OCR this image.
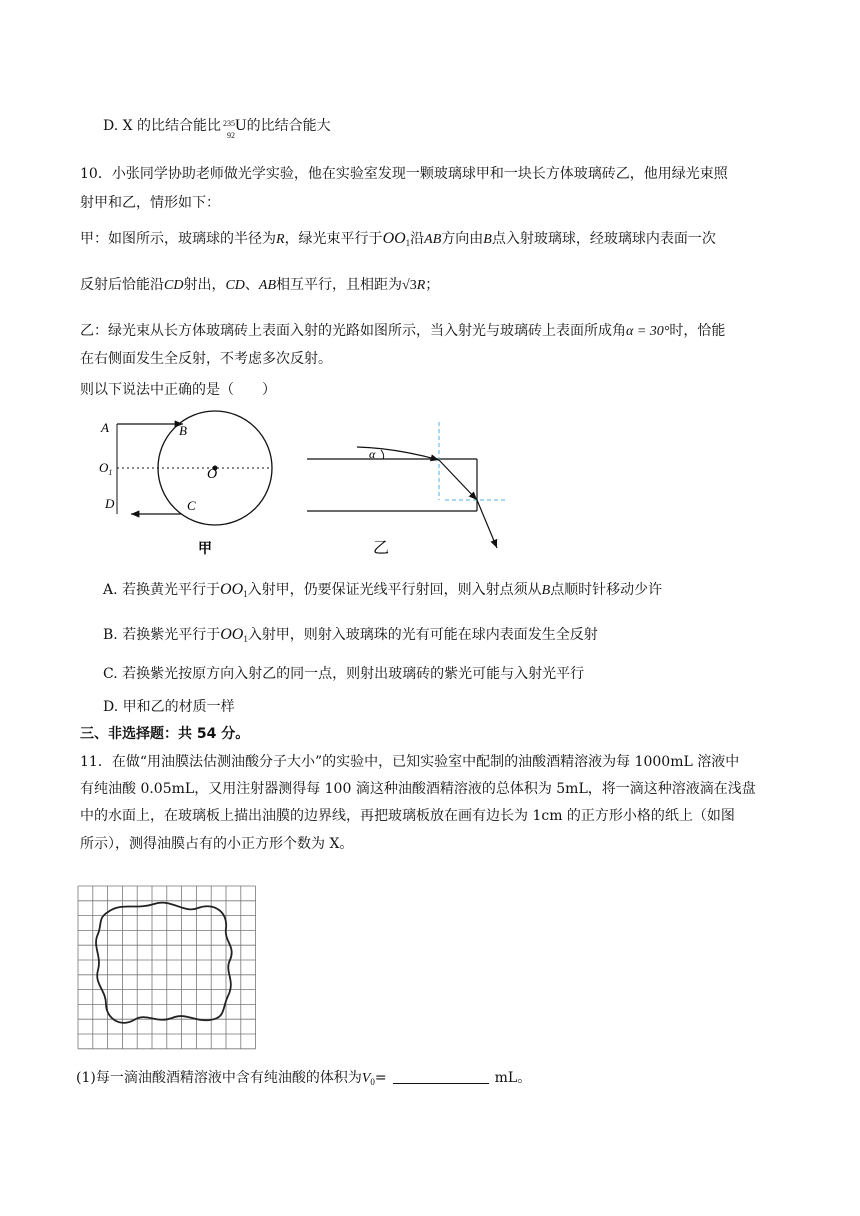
D. X 的比结合能比 235
92
U的比结合能大
10．小张同学协助老师做光学实验，他在实验室发现一颗玻璃球甲和一块长方体玻璃砖乙，他用绿光束照
射甲和乙，情形如下：
甲：如图所示，玻璃球的半径为R，绿光束平行于$OO_1$沿AB方向由B点入射玻璃球，经玻璃球内表面一次
反射后恰能沿CD射出，CD、AB相互平行，且相距为√3R；
乙：绿光束从长方体玻璃砖上表面入射的光路如图所示，当入射光与玻璃砖上表面所成角α = 30°时，恰能
在右侧面发生全反射，不考虑多次反射。
则以下说法中正确的是（　　）
A	B
$O_1$	O
D	C
甲
α
乙
A. 若换黄光平行于$OO_1$入射甲，仍要保证光线平行射回，则入射点须从B点顺时针移动少许
B. 若换紫光平行于$OO_1$入射甲，则射入玻璃珠的光有可能在球内表面发生全反射
C. 若换紫光按原方向入射乙的同一点，则射出玻璃砖的紫光可能与入射光平行
D. 甲和乙的材质一样
三、非选择题：共 54 分。
11．在做“用油膜法估测油酸分子大小”的实验中，已知实验室中配制的油酸酒精溶液为每 1000mL 溶液中
有纯油酸 0.05mL，又用注射器测得每 100 滴这种油酸酒精溶液的总体积为 5mL，将一滴这种溶液滴在浅盘
中的水面上，在玻璃板上描出油膜的边界线，再把玻璃板放在画有边长为 1cm 的正方形小格的纸上（如图
所示），测得油膜占有的小正方形个数为 X。
(1)每一滴油酸酒精溶液中含有纯油酸的体积为$V_0=$	mL。
